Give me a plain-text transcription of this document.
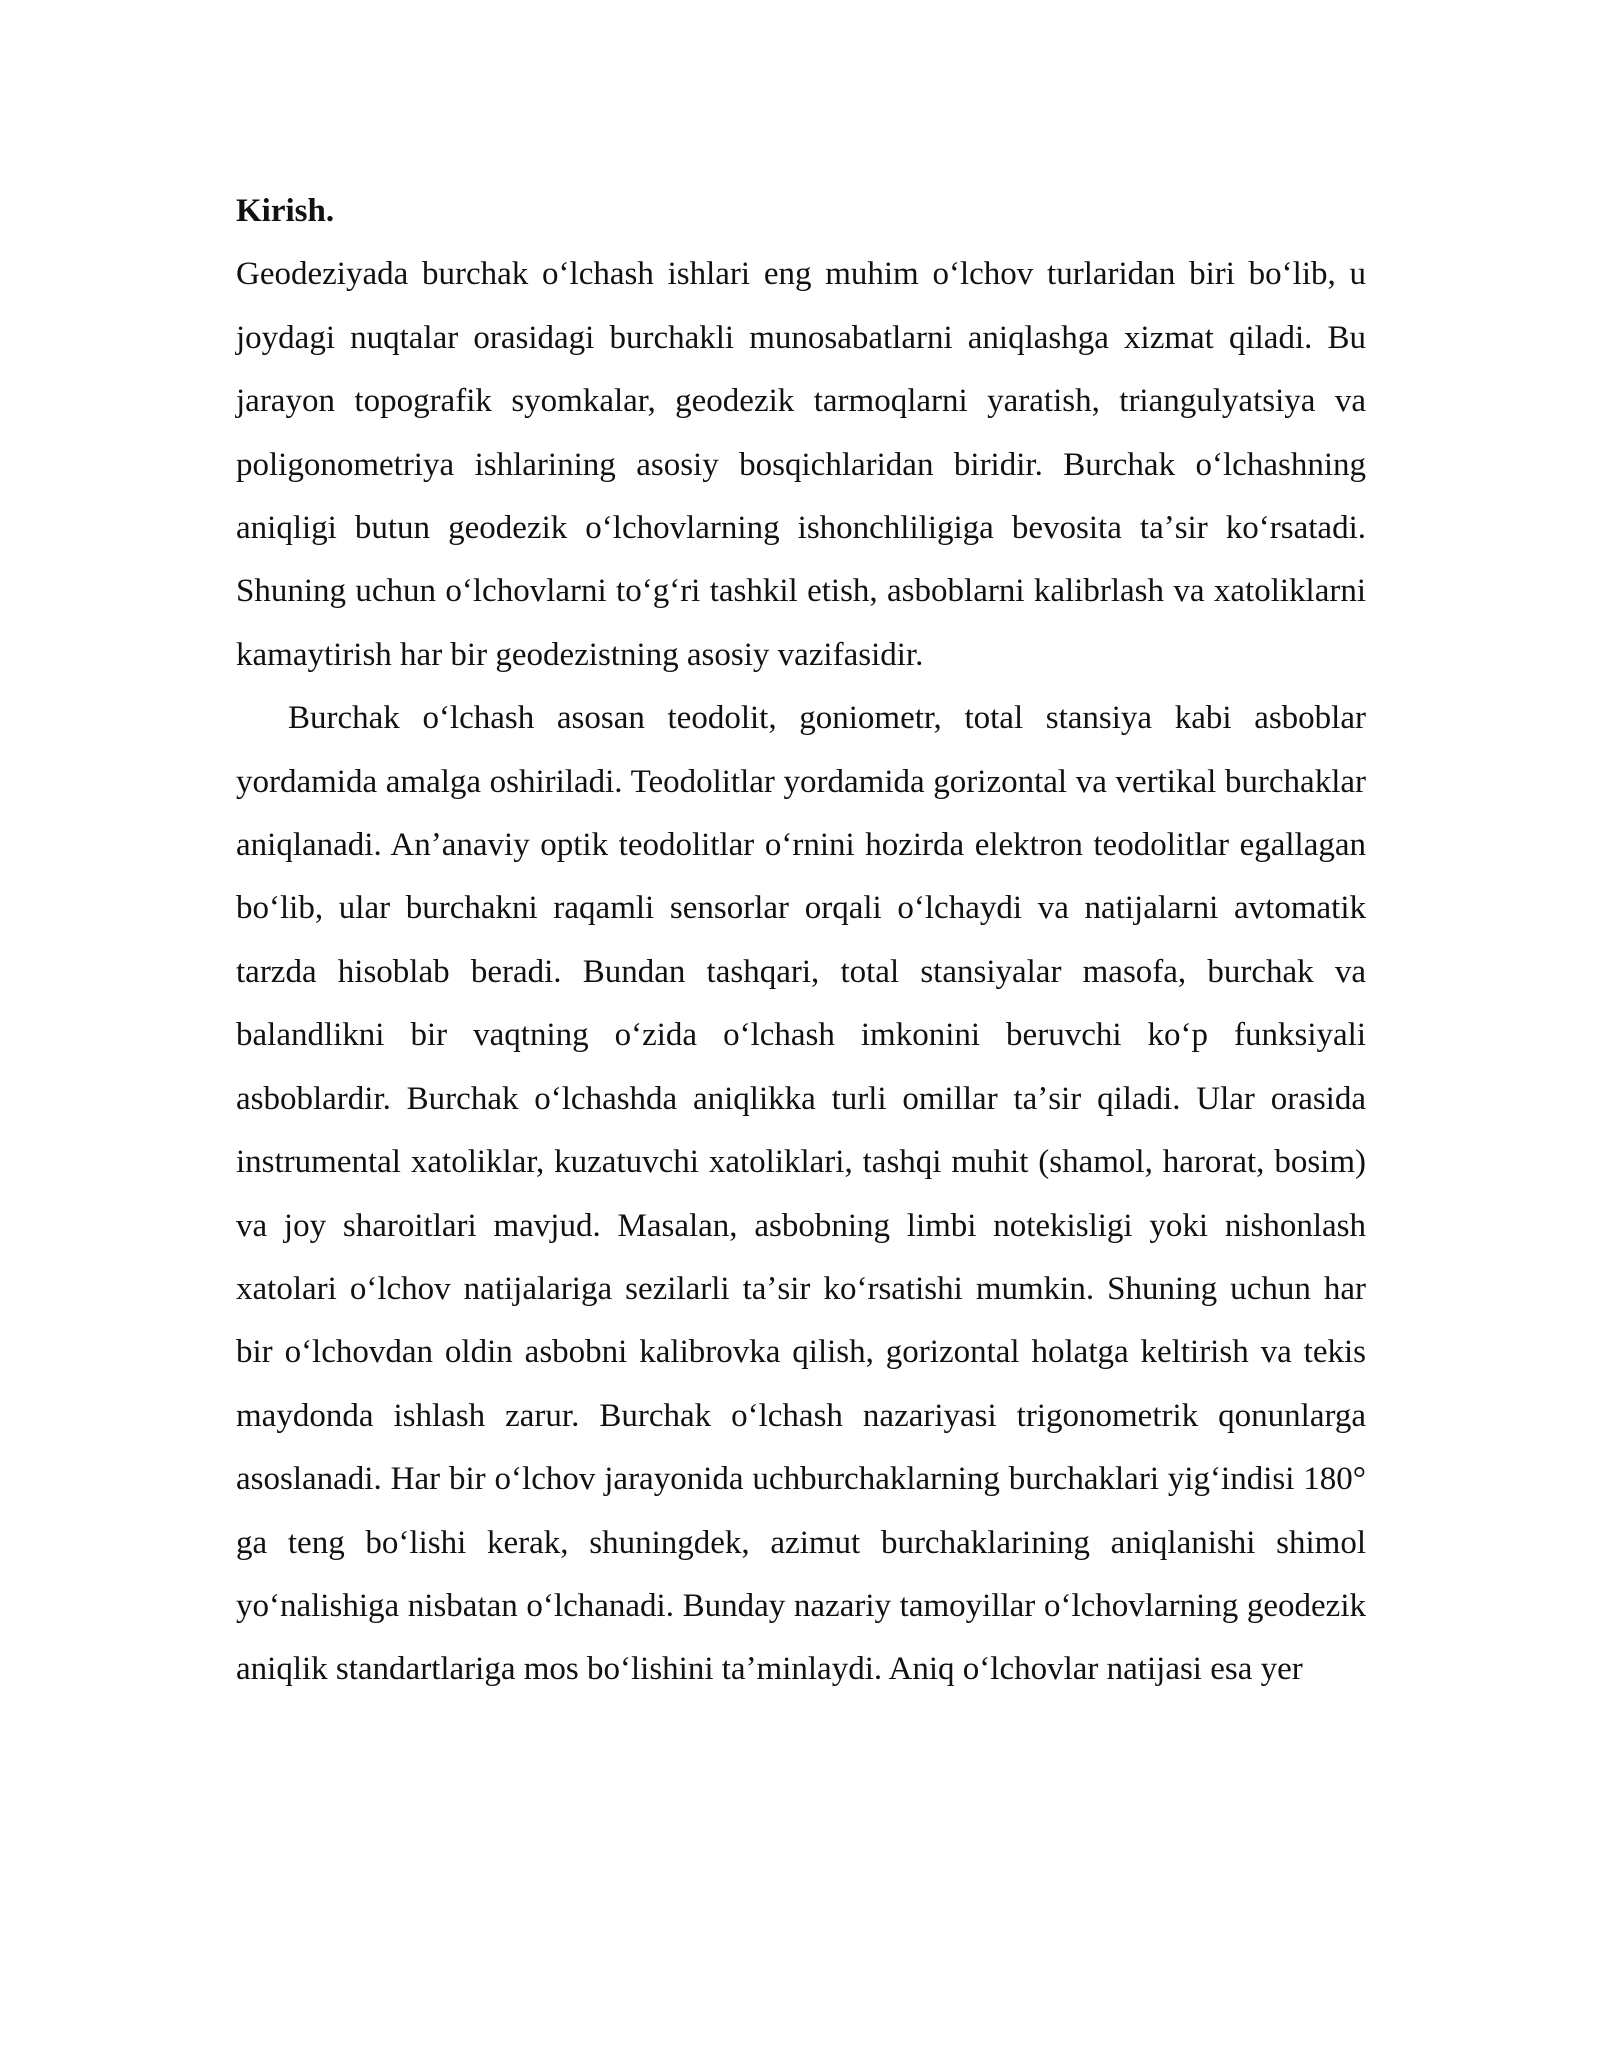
Kirish.

Geodeziyada burchak oʻlchash ishlari eng muhim oʻlchov turlaridan biri boʻlib, u joydagi nuqtalar orasidagi burchakli munosabatlarni aniqlashga xizmat qiladi. Bu jarayon topografik syomkalar, geodezik tarmoqlarni yaratish, triangulyatsiya va poligonometriya ishlarining asosiy bosqichlaridan biridir. Burchak oʻlchashning aniqligi butun geodezik oʻlchovlarning ishonchliligiga bevosita taʼsir koʻrsatadi. Shuning uchun oʻlchovlarni toʻgʻri tashkil etish, asboblarni kalibrlash va xatoliklarni kamaytirish har bir geodezistning asosiy vazifasidir.

Burchak oʻlchash asosan teodolit, goniometr, total stansiya kabi asboblar yordamida amalga oshiriladi. Teodolitlar yordamida gorizontal va vertikal burchaklar aniqlanadi. Anʼanaviy optik teodolitlar oʻrnini hozirda elektron teodolitlar egallagan boʻlib, ular burchakni raqamli sensorlar orqali oʻlchaydi va natijalarni avtomatik tarzda hisoblab beradi. Bundan tashqari, total stansiyalar masofa, burchak va balandlikni bir vaqtning oʻzida oʻlchash imkonini beruvchi koʻp funksiyali asboblardir. Burchak oʻlchashda aniqlikka turli omillar taʼsir qiladi. Ular orasida instrumental xatoliklar, kuzatuvchi xatoliklari, tashqi muhit (shamol, harorat, bosim) va joy sharoitlari mavjud. Masalan, asbobning limbi notekisligi yoki nishonlash xatolari oʻlchov natijalariga sezilarli taʼsir koʻrsatishi mumkin. Shuning uchun har bir oʻlchovdan oldin asbobni kalibrovka qilish, gorizontal holatga keltirish va tekis maydonda ishlash zarur. Burchak oʻlchash nazariyasi trigonometrik qonunlarga asoslanadi. Har bir oʻlchov jarayonida uchburchaklarning burchaklari yigʻindisi 180° ga teng boʻlishi kerak, shuningdek, azimut burchaklarining aniqlanishi shimol yoʻnalishiga nisbatan oʻlchanadi. Bunday nazariy tamoyillar oʻlchovlarning geodezik aniqlik standartlariga mos boʻlishini taʼminlaydi. Aniq oʻlchovlar natijasi esa yer
